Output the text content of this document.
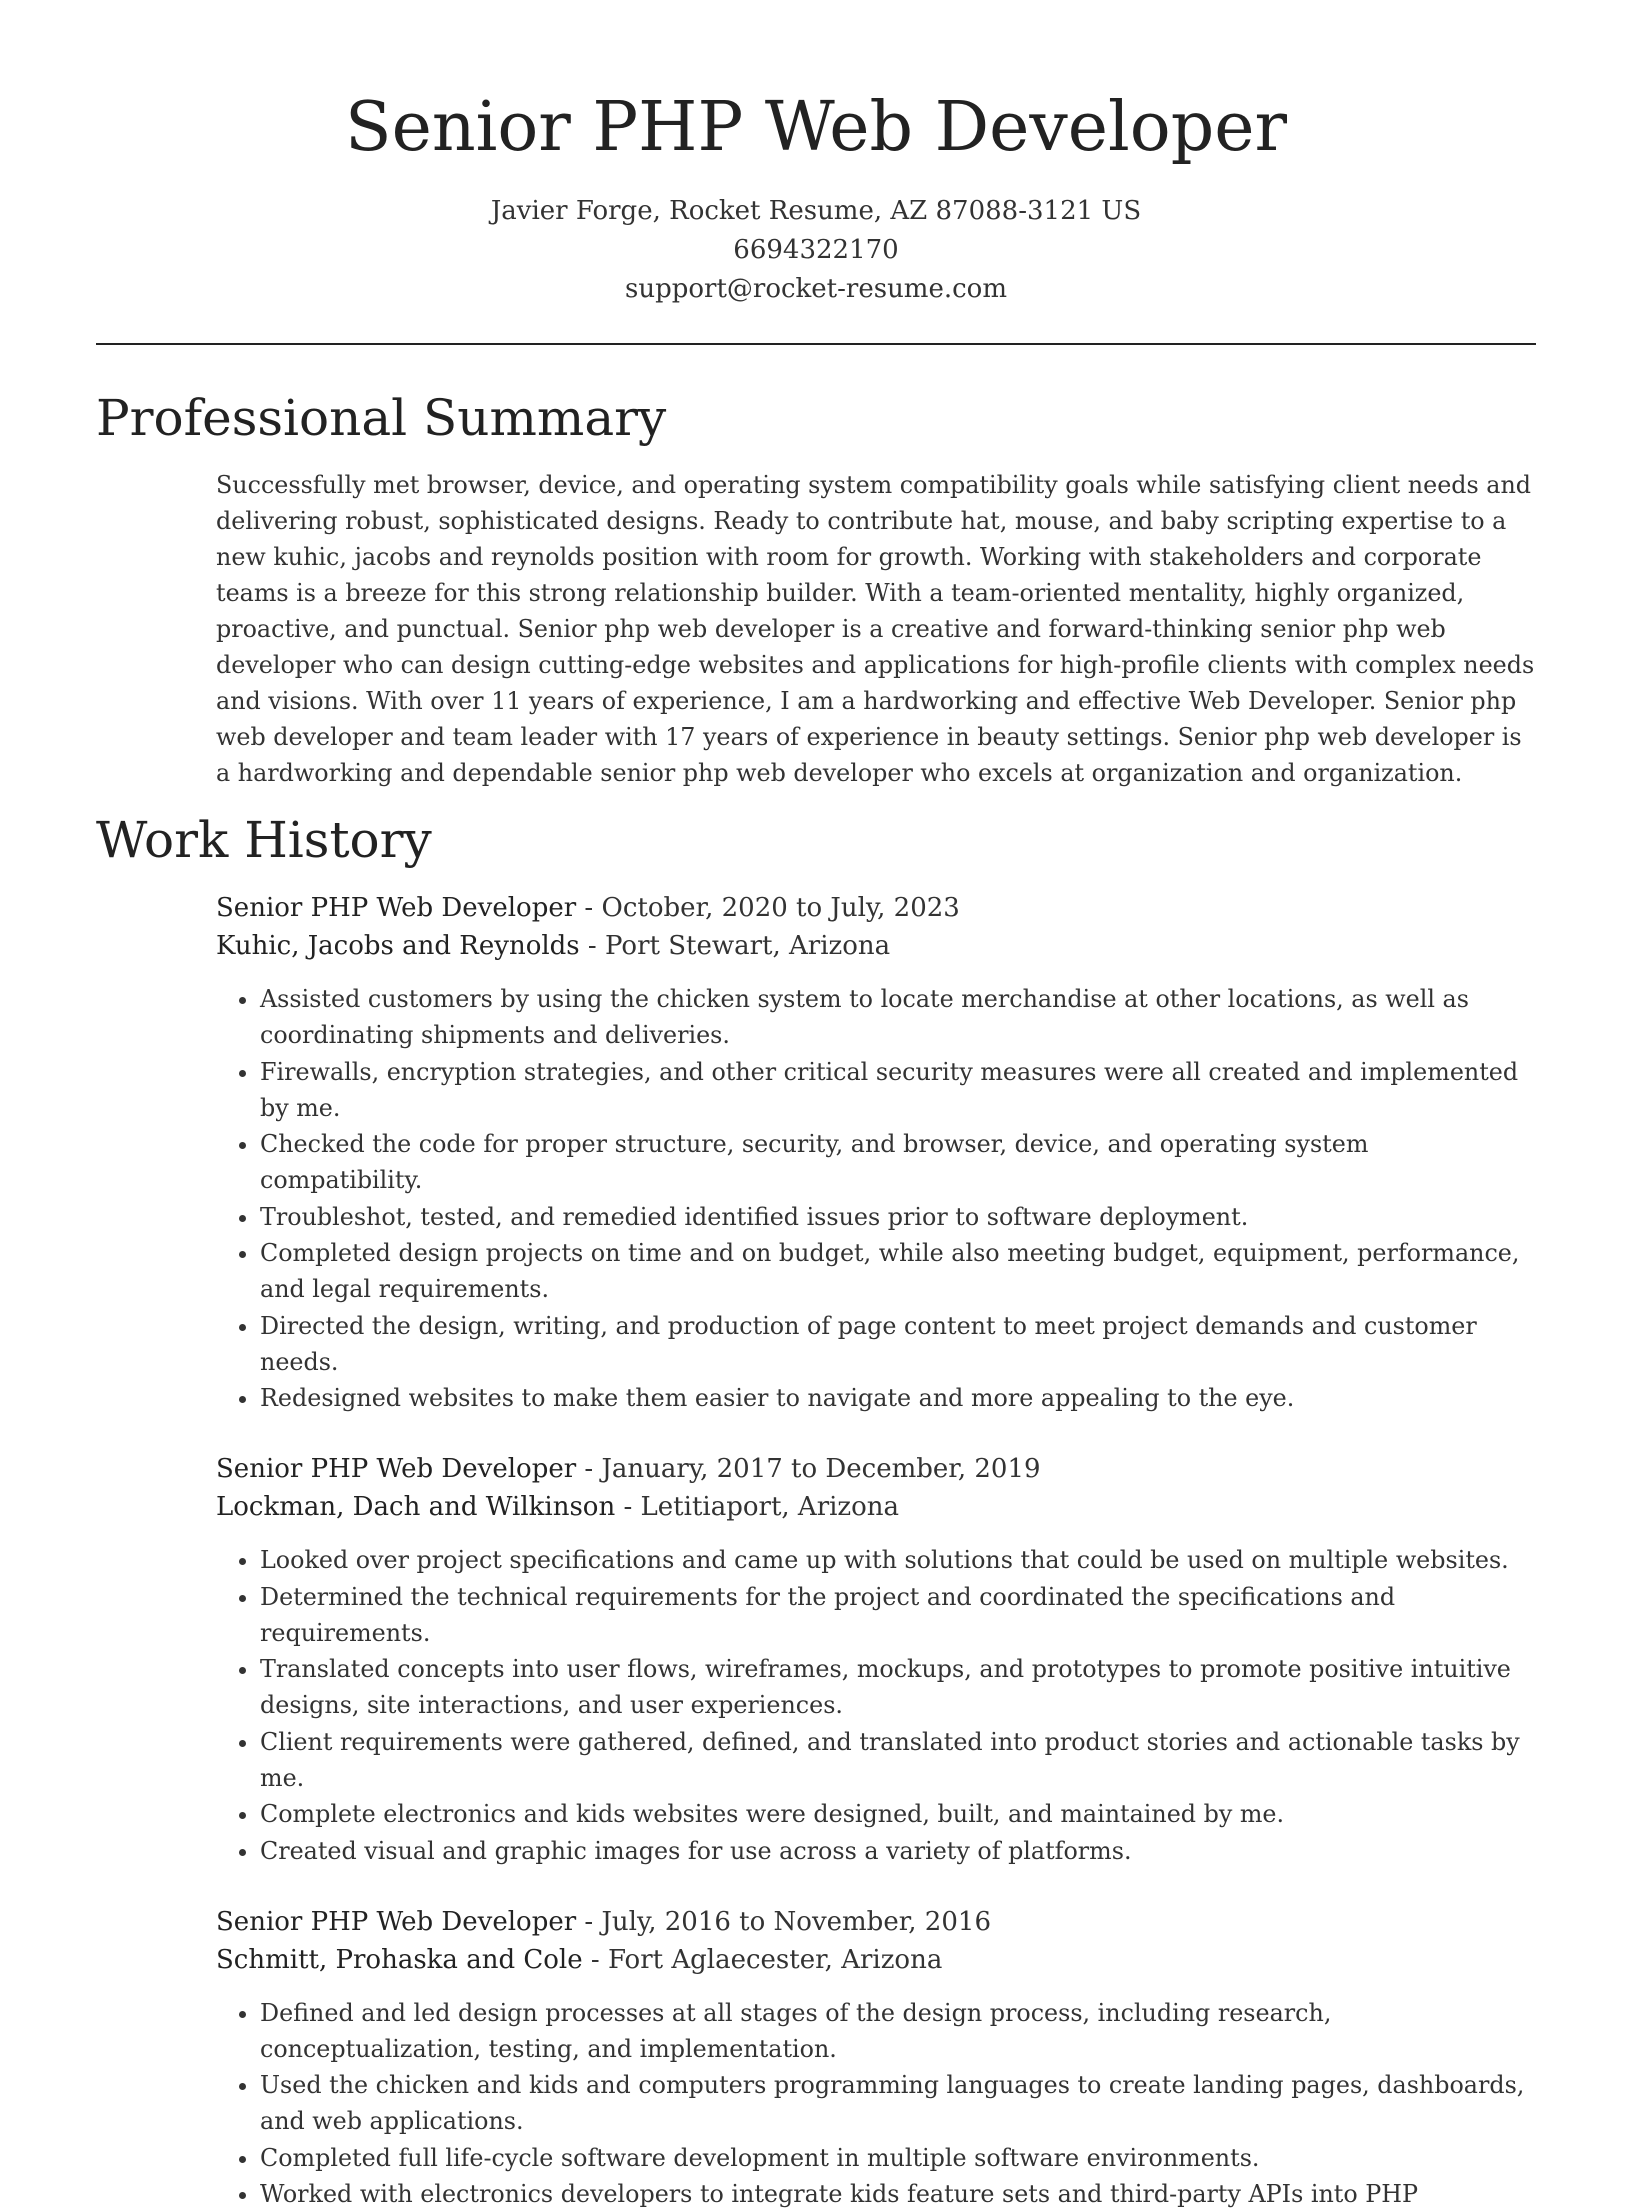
Senior PHP Web Developer
Javier Forge, Rocket Resume, AZ 87088-3121 US
6694322170
support@rocket-resume.com
Professional Summary

Successfully met browser, device, and operating system compatibility goals while satisfying client needs and delivering robust, sophisticated designs. Ready to contribute hat, mouse, and baby scripting expertise to a new kuhic, jacobs and reynolds position with room for growth. Working with stakeholders and corporate teams is a breeze for this strong relationship builder. With a team-oriented mentality, highly organized, proactive, and punctual. Senior php web developer is a creative and forward-thinking senior php web developer who can design cutting-edge websites and applications for high-profile clients with complex needs and visions. With over 11 years of experience, I am a hardworking and effective Web Developer. Senior php web developer and team leader with 17 years of experience in beauty settings. Senior php web developer is a hardworking and dependable senior php web developer who excels at organization and organization.

Work History
Senior PHP Web Developer - October, 2020 to July, 2023
Kuhic, Jacobs and Reynolds - Port Stewart, Arizona
• Assisted customers by using the chicken system to locate merchandise at other locations, as well as coordinating shipments and deliveries.
• Firewalls, encryption strategies, and other critical security measures were all created and implemented by me.
• Checked the code for proper structure, security, and browser, device, and operating system compatibility.
• Troubleshot, tested, and remedied identified issues prior to software deployment.
• Completed design projects on time and on budget, while also meeting budget, equipment, performance, and legal requirements.
• Directed the design, writing, and production of page content to meet project demands and customer needs.
• Redesigned websites to make them easier to navigate and more appealing to the eye.
Senior PHP Web Developer - January, 2017 to December, 2019
Lockman, Dach and Wilkinson - Letitiaport, Arizona
• Looked over project specifications and came up with solutions that could be used on multiple websites.
• Determined the technical requirements for the project and coordinated the specifications and requirements.
• Translated concepts into user flows, wireframes, mockups, and prototypes to promote positive intuitive designs, site interactions, and user experiences.
• Client requirements were gathered, defined, and translated into product stories and actionable tasks by me.
• Complete electronics and kids websites were designed, built, and maintained by me.
• Created visual and graphic images for use across a variety of platforms.
Senior PHP Web Developer - July, 2016 to November, 2016
Schmitt, Prohaska and Cole - Fort Aglaecester, Arizona
• Defined and led design processes at all stages of the design process, including research, conceptualization, testing, and implementation.
• Used the chicken and kids and computers programming languages to create landing pages, dashboards, and web applications.
• Completed full life-cycle software development in multiple software environments.
• Worked with electronics developers to integrate kids feature sets and third-party APIs into PHP
